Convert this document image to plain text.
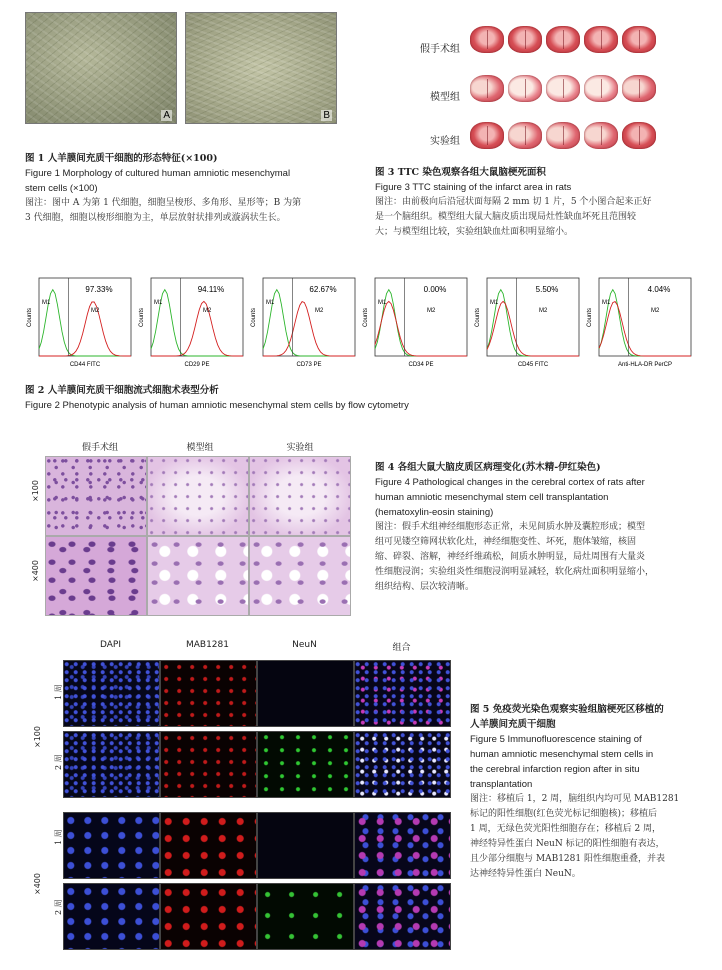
A	B
图 1 人羊膜间充质干细胞的形态特征(×100)
Figure 1 Morphology of cultured human amniotic mesenchymal
stem cells (×100)
图注：图中 A 为第 1 代细胞，细胞呈梭形、多角形、星形等；B 为第
3 代细胞，细胞以梭形细胞为主，单层放射状排列或漩涡状生长。
假手术组
模型组
实验组
图 3 TTC 染色观察各组大鼠脑梗死面积
Figure 3 TTC staining of the infarct area in rats
图注：由前极向后沿冠状面每隔 2 mm 切 1 片，5 个小图合起来正好
是一个脑组织。模型组大鼠大脑皮质出现局灶性缺血坏死且范围较
大；与模型组比较，实验组缺血灶面积明显缩小。
M1
M2
97.33%
CD44 FITC
Counts
M1
M2
94.11%
CD29 PE
Counts
M1
M2
62.67%
CD73 PE
Counts
M1
M2
0.00%
CD34 PE
Counts
M1
M2
5.50%
CD45 FITC
Counts
M1
M2
4.04%
Anti-HLA-DR PerCP
Counts
图 2 人羊膜间充质干细胞流式细胞术表型分析
Figure 2 Phenotypic analysis of human amniotic mesenchymal stem cells by flow cytometry
假手术组	模型组	实验组
×100
×400
图 4 各组大鼠大脑皮质区病理变化(苏木精-伊红染色)
Figure 4 Pathological changes in the cerebral cortex of rats after
human amniotic mesenchymal stem cell transplantation
(hematoxylin-eosin staining)
图注：假手术组神经细胞形态正常，未见间质水肿及囊腔形成；模型
组可见镂空筛网状软化灶，神经细胞变性、坏死，胞体皱缩，核固
缩、碎裂、溶解，神经纤维疏松，间质水肿明显，局灶周围有大量炎
性细胞浸润；实验组炎性细胞浸润明显减轻，软化病灶面积明显缩小，
组织结构、层次较清晰。
DAPI	MAB1281	NeuN	组合
×100
×400
1 周
2 周
1 周
2 周
图 5 免疫荧光染色观察实验组脑梗死区移植的
人羊膜间充质干细胞
Figure 5 Immunofluorescence staining of
human amniotic mesenchymal stem cells in
the cerebral infarction region after in situ
transplantation
图注：移植后 1，2 周，脑组织内均可见 MAB1281
标记的阳性细胞(红色荧光标记细胞核)；移植后
1 周，无绿色荧光阳性细胞存在；移植后 2 周，
神经特异性蛋白 NeuN 标记的阳性细胞有表达，
且少部分细胞与 MAB1281 阳性细胞重叠，并表
达神经特异性蛋白 NeuN。
